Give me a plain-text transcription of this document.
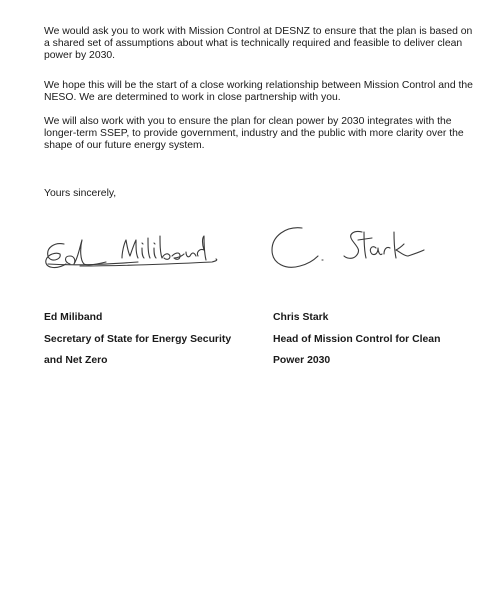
We would ask you to work with Mission Control at DESNZ to ensure that the plan is based on a shared set of assumptions about what is technically required and feasible to deliver clean power by 2030.

We hope this will be the start of a close working relationship between Mission Control and the NESO. We are determined to work in close partnership with you.

We will also work with you to ensure the plan for clean power by 2030 integrates with the longer-term SSEP, to provide government, industry and the public with more clarity over the shape of our future energy system.

Yours sincerely,

Ed Miliband

Secretary of State for Energy Security

and Net Zero

Chris Stark

Head of Mission Control for Clean

Power 2030
